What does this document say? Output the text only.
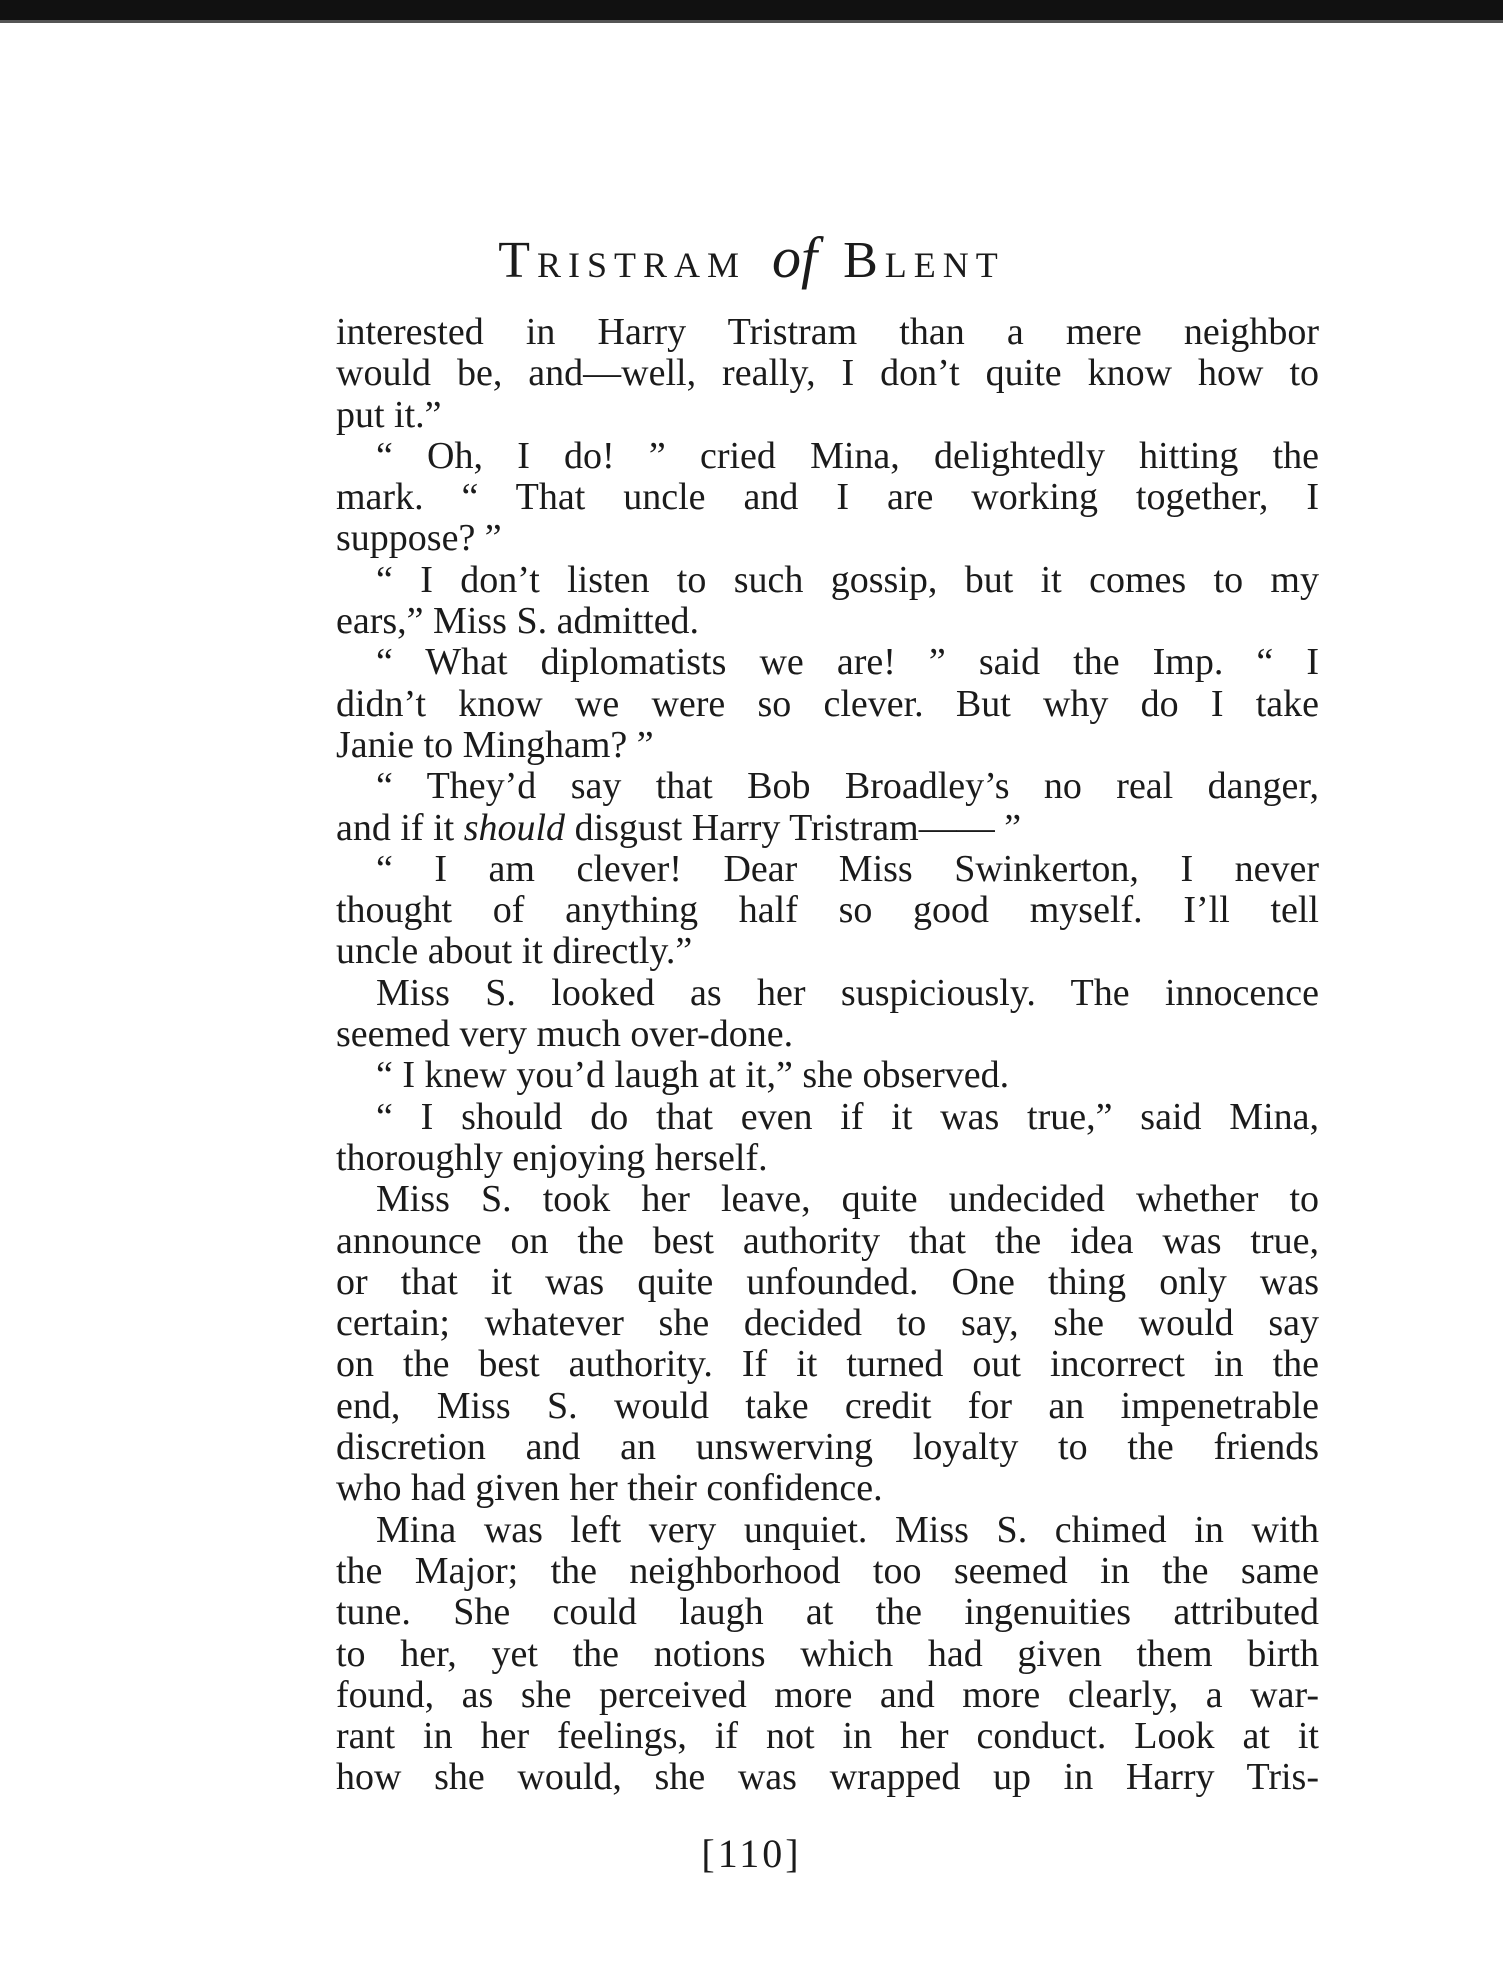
Tristram of Blent
interested in Harry Tristram than a mere neighbor
would be, and—well, really, I don’t quite know how to
put it.”
“ Oh, I do! ” cried Mina, delightedly hitting the
mark. “ That uncle and I are working together, I
suppose? ”
“ I don’t listen to such gossip, but it comes to my
ears,” Miss S. admitted.
“ What diplomatists we are! ” said the Imp. “ I
didn’t know we were so clever. But why do I take
Janie to Mingham? ”
“ They’d say that Bob Broadley’s no real danger,
and if it should disgust Harry Tristram—— ”
“ I am clever! Dear Miss Swinkerton, I never
thought of anything half so good myself. I’ll tell
uncle about it directly.”
Miss S. looked as her suspiciously. The innocence
seemed very much over-done.
“ I knew you’d laugh at it,” she observed.
“ I should do that even if it was true,” said Mina,
thoroughly enjoying herself.
Miss S. took her leave, quite undecided whether to
announce on the best authority that the idea was true,
or that it was quite unfounded. One thing only was
certain; whatever she decided to say, she would say
on the best authority. If it turned out incorrect in the
end, Miss S. would take credit for an impenetrable
discretion and an unswerving loyalty to the friends
who had given her their confidence.
Mina was left very unquiet. Miss S. chimed in with
the Major; the neighborhood too seemed in the same
tune. She could laugh at the ingenuities attributed
to her, yet the notions which had given them birth
found, as she perceived more and more clearly, a war-
rant in her feelings, if not in her conduct. Look at it
how she would, she was wrapped up in Harry Tris-
[110]
